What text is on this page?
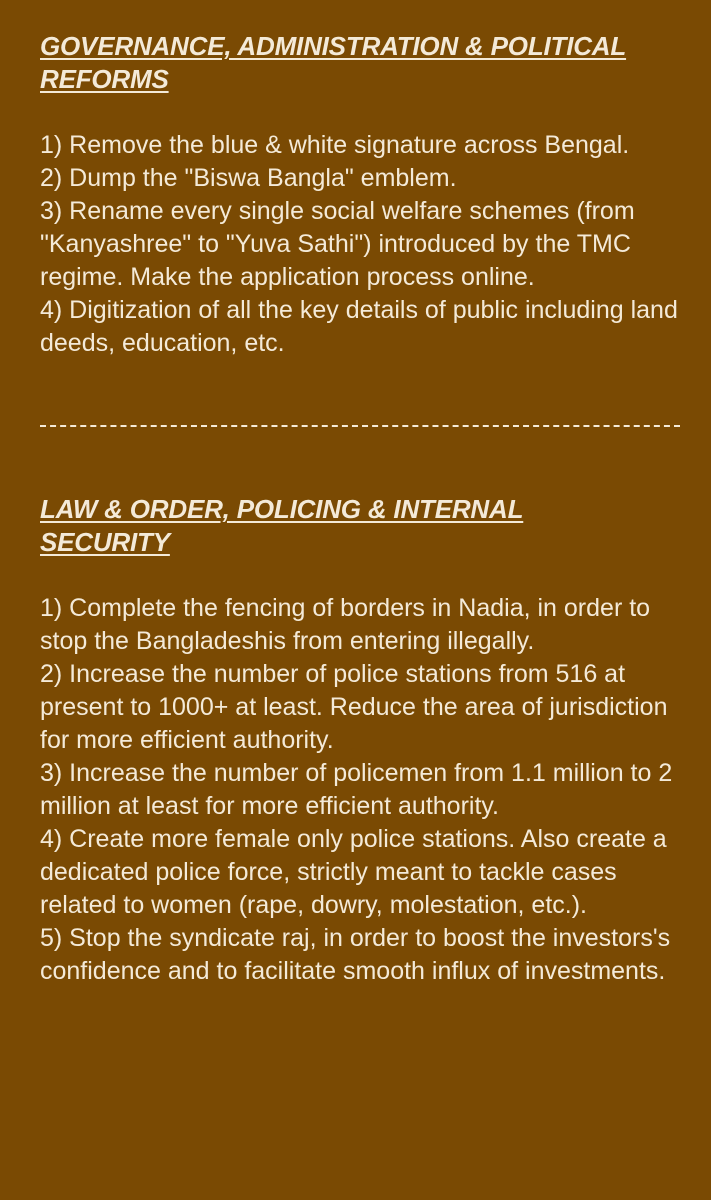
GOVERNANCE, ADMINISTRATION & POLITICAL
REFORMS
1) Remove the blue & white signature across Bengal.
2) Dump the "Biswa Bangla" emblem.
3) Rename every single social welfare schemes (from "Kanyashree" to "Yuva Sathi") introduced by the TMC regime. Make the application process online.
4) Digitization of all the key details of public including land deeds, education, etc.
LAW & ORDER, POLICING & INTERNAL
SECURITY
1) Complete the fencing of borders in Nadia, in order to stop the Bangladeshis from entering illegally.
2) Increase the number of police stations from 516 at present to 1000+ at least. Reduce the area of jurisdiction for more efficient authority.
3) Increase the number of policemen from 1.1 million to 2 million at least for more efficient authority.
4) Create more female only police stations. Also create a dedicated police force, strictly meant to tackle cases related to women (rape, dowry, molestation, etc.).
5) Stop the syndicate raj, in order to boost the investors's confidence and to facilitate smooth influx of investments.
